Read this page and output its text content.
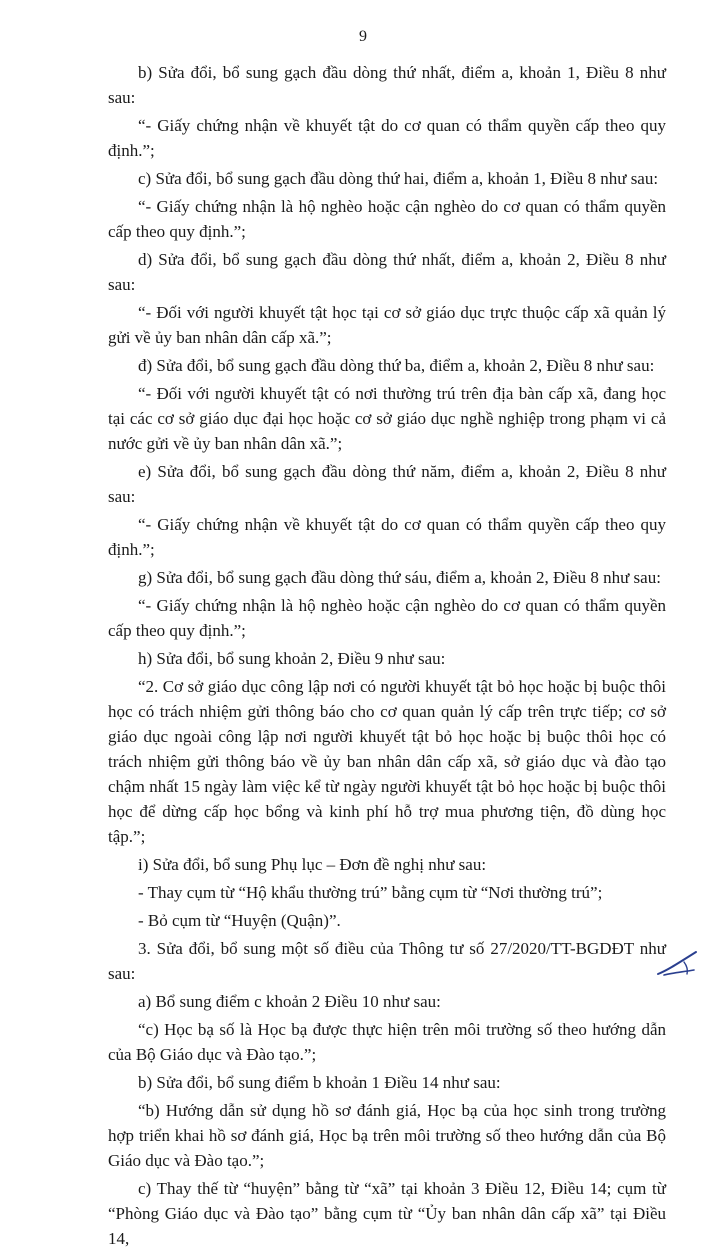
9

b) Sửa đổi, bổ sung gạch đầu dòng thứ nhất, điểm a, khoản 1, Điều 8 như sau:

“- Giấy chứng nhận về khuyết tật do cơ quan có thẩm quyền cấp theo quy định.”;

c) Sửa đổi, bổ sung gạch đầu dòng thứ hai, điểm a, khoản 1, Điều 8 như sau:

“- Giấy chứng nhận là hộ nghèo hoặc cận nghèo do cơ quan có thẩm quyền cấp theo quy định.”;

d) Sửa đổi, bổ sung gạch đầu dòng thứ nhất, điểm a, khoản 2, Điều 8 như sau:

“- Đối với người khuyết tật học tại cơ sở giáo dục trực thuộc cấp xã quản lý gửi về ủy ban nhân dân cấp xã.”;

đ) Sửa đổi, bổ sung gạch đầu dòng thứ ba, điểm a, khoản 2, Điều 8 như sau:

“- Đối với người khuyết tật có nơi thường trú trên địa bàn cấp xã, đang học tại các cơ sở giáo dục đại học hoặc cơ sở giáo dục nghề nghiệp trong phạm vi cả nước gửi về ủy ban nhân dân xã.”;

e) Sửa đổi, bổ sung gạch đầu dòng thứ năm, điểm a, khoản 2, Điều 8 như sau:

“- Giấy chứng nhận về khuyết tật do cơ quan có thẩm quyền cấp theo quy định.”;

g) Sửa đổi, bổ sung gạch đầu dòng thứ sáu, điểm a, khoản 2, Điều 8 như sau:

“- Giấy chứng nhận là hộ nghèo hoặc cận nghèo do cơ quan có thẩm quyền cấp theo quy định.”;

h) Sửa đổi, bổ sung khoản 2, Điều 9 như sau:

“2. Cơ sở giáo dục công lập nơi có người khuyết tật bỏ học hoặc bị buộc thôi học có trách nhiệm gửi thông báo cho cơ quan quản lý cấp trên trực tiếp; cơ sở giáo dục ngoài công lập nơi người khuyết tật bỏ học hoặc bị buộc thôi học có trách nhiệm gửi thông báo về ủy ban nhân dân cấp xã, sở giáo dục và đào tạo chậm nhất 15 ngày làm việc kể từ ngày người khuyết tật bỏ học hoặc bị buộc thôi học để dừng cấp học bổng và kinh phí hỗ trợ mua phương tiện, đồ dùng học tập.”;

i) Sửa đổi, bổ sung Phụ lục – Đơn đề nghị như sau:

- Thay cụm từ “Hộ khẩu thường trú” bằng cụm từ “Nơi thường trú”;

- Bỏ cụm từ “Huyện (Quận)”.

3. Sửa đổi, bổ sung một số điều của Thông tư số 27/2020/TT-BGDĐT như sau:

a) Bổ sung điểm c khoản 2 Điều 10 như sau:

“c) Học bạ số là Học bạ được thực hiện trên môi trường số theo hướng dẫn của Bộ Giáo dục và Đào tạo.”;

b) Sửa đổi, bổ sung điểm b khoản 1 Điều 14 như sau:

“b) Hướng dẫn sử dụng hồ sơ đánh giá, Học bạ của học sinh trong trường hợp triển khai hồ sơ đánh giá, Học bạ trên môi trường số theo hướng dẫn của Bộ Giáo dục và Đào tạo.”;

c) Thay thế từ “huyện” bằng từ “xã” tại khoản 3 Điều 12, Điều 14; cụm từ “Phòng Giáo dục và Đào tạo” bằng cụm từ “Ủy ban nhân dân cấp xã” tại Điều 14,
